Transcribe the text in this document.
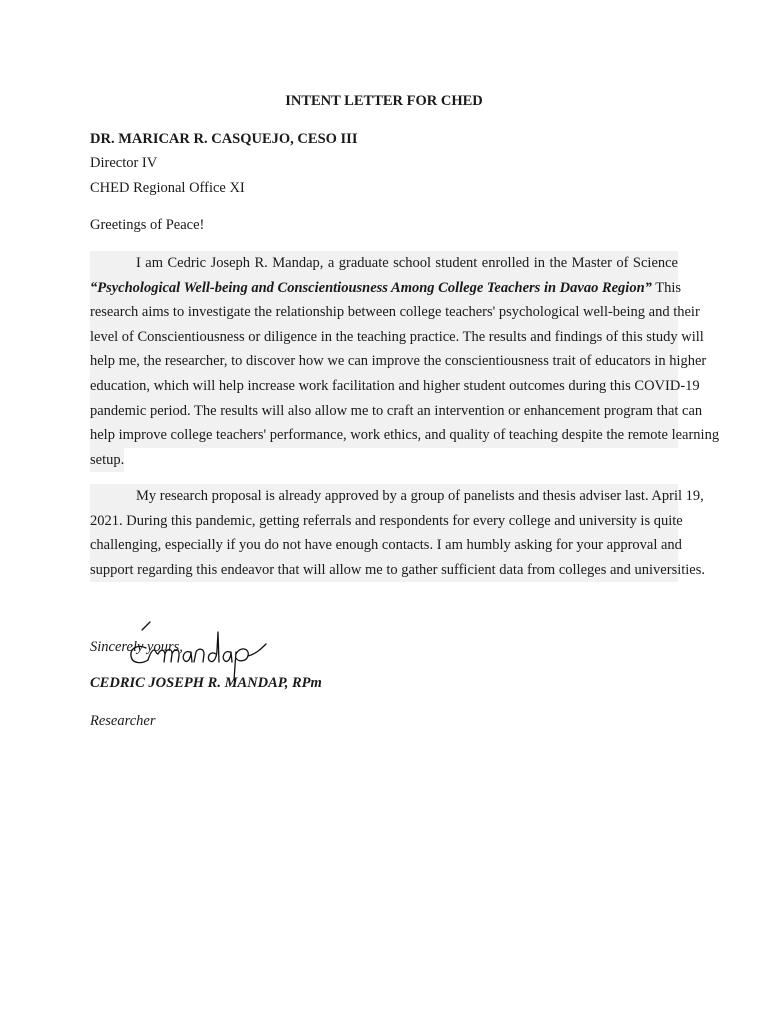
INTENT LETTER FOR CHED
DR. MARICAR R. CASQUEJO, CESO III
Director IV
CHED Regional Office XI
Greetings of Peace!
I am Cedric Joseph R. Mandap, a graduate school student enrolled in the Master of Science
“Psychological Well-being and Conscientiousness Among College Teachers in Davao Region” This
research aims to investigate the relationship between college teachers' psychological well-being and their
level of Conscientiousness or diligence in the teaching practice. The results and findings of this study will
help me, the researcher, to discover how we can improve the conscientiousness trait of educators in higher
education, which will help increase work facilitation and higher student outcomes during this COVID-19
pandemic period. The results will also allow me to craft an intervention or enhancement program that can
help improve college teachers' performance, work ethics, and quality of teaching despite the remote learning
setup.
My research proposal is already approved by a group of panelists and thesis adviser last. April 19,
2021. During this pandemic, getting referrals and respondents for every college and university is quite
challenging, especially if you do not have enough contacts. I am humbly asking for your approval and
support regarding this endeavor that will allow me to gather sufficient data from colleges and universities.
Sincerely yours,
CEDRIC JOSEPH R. MANDAP, RPm
Researcher
